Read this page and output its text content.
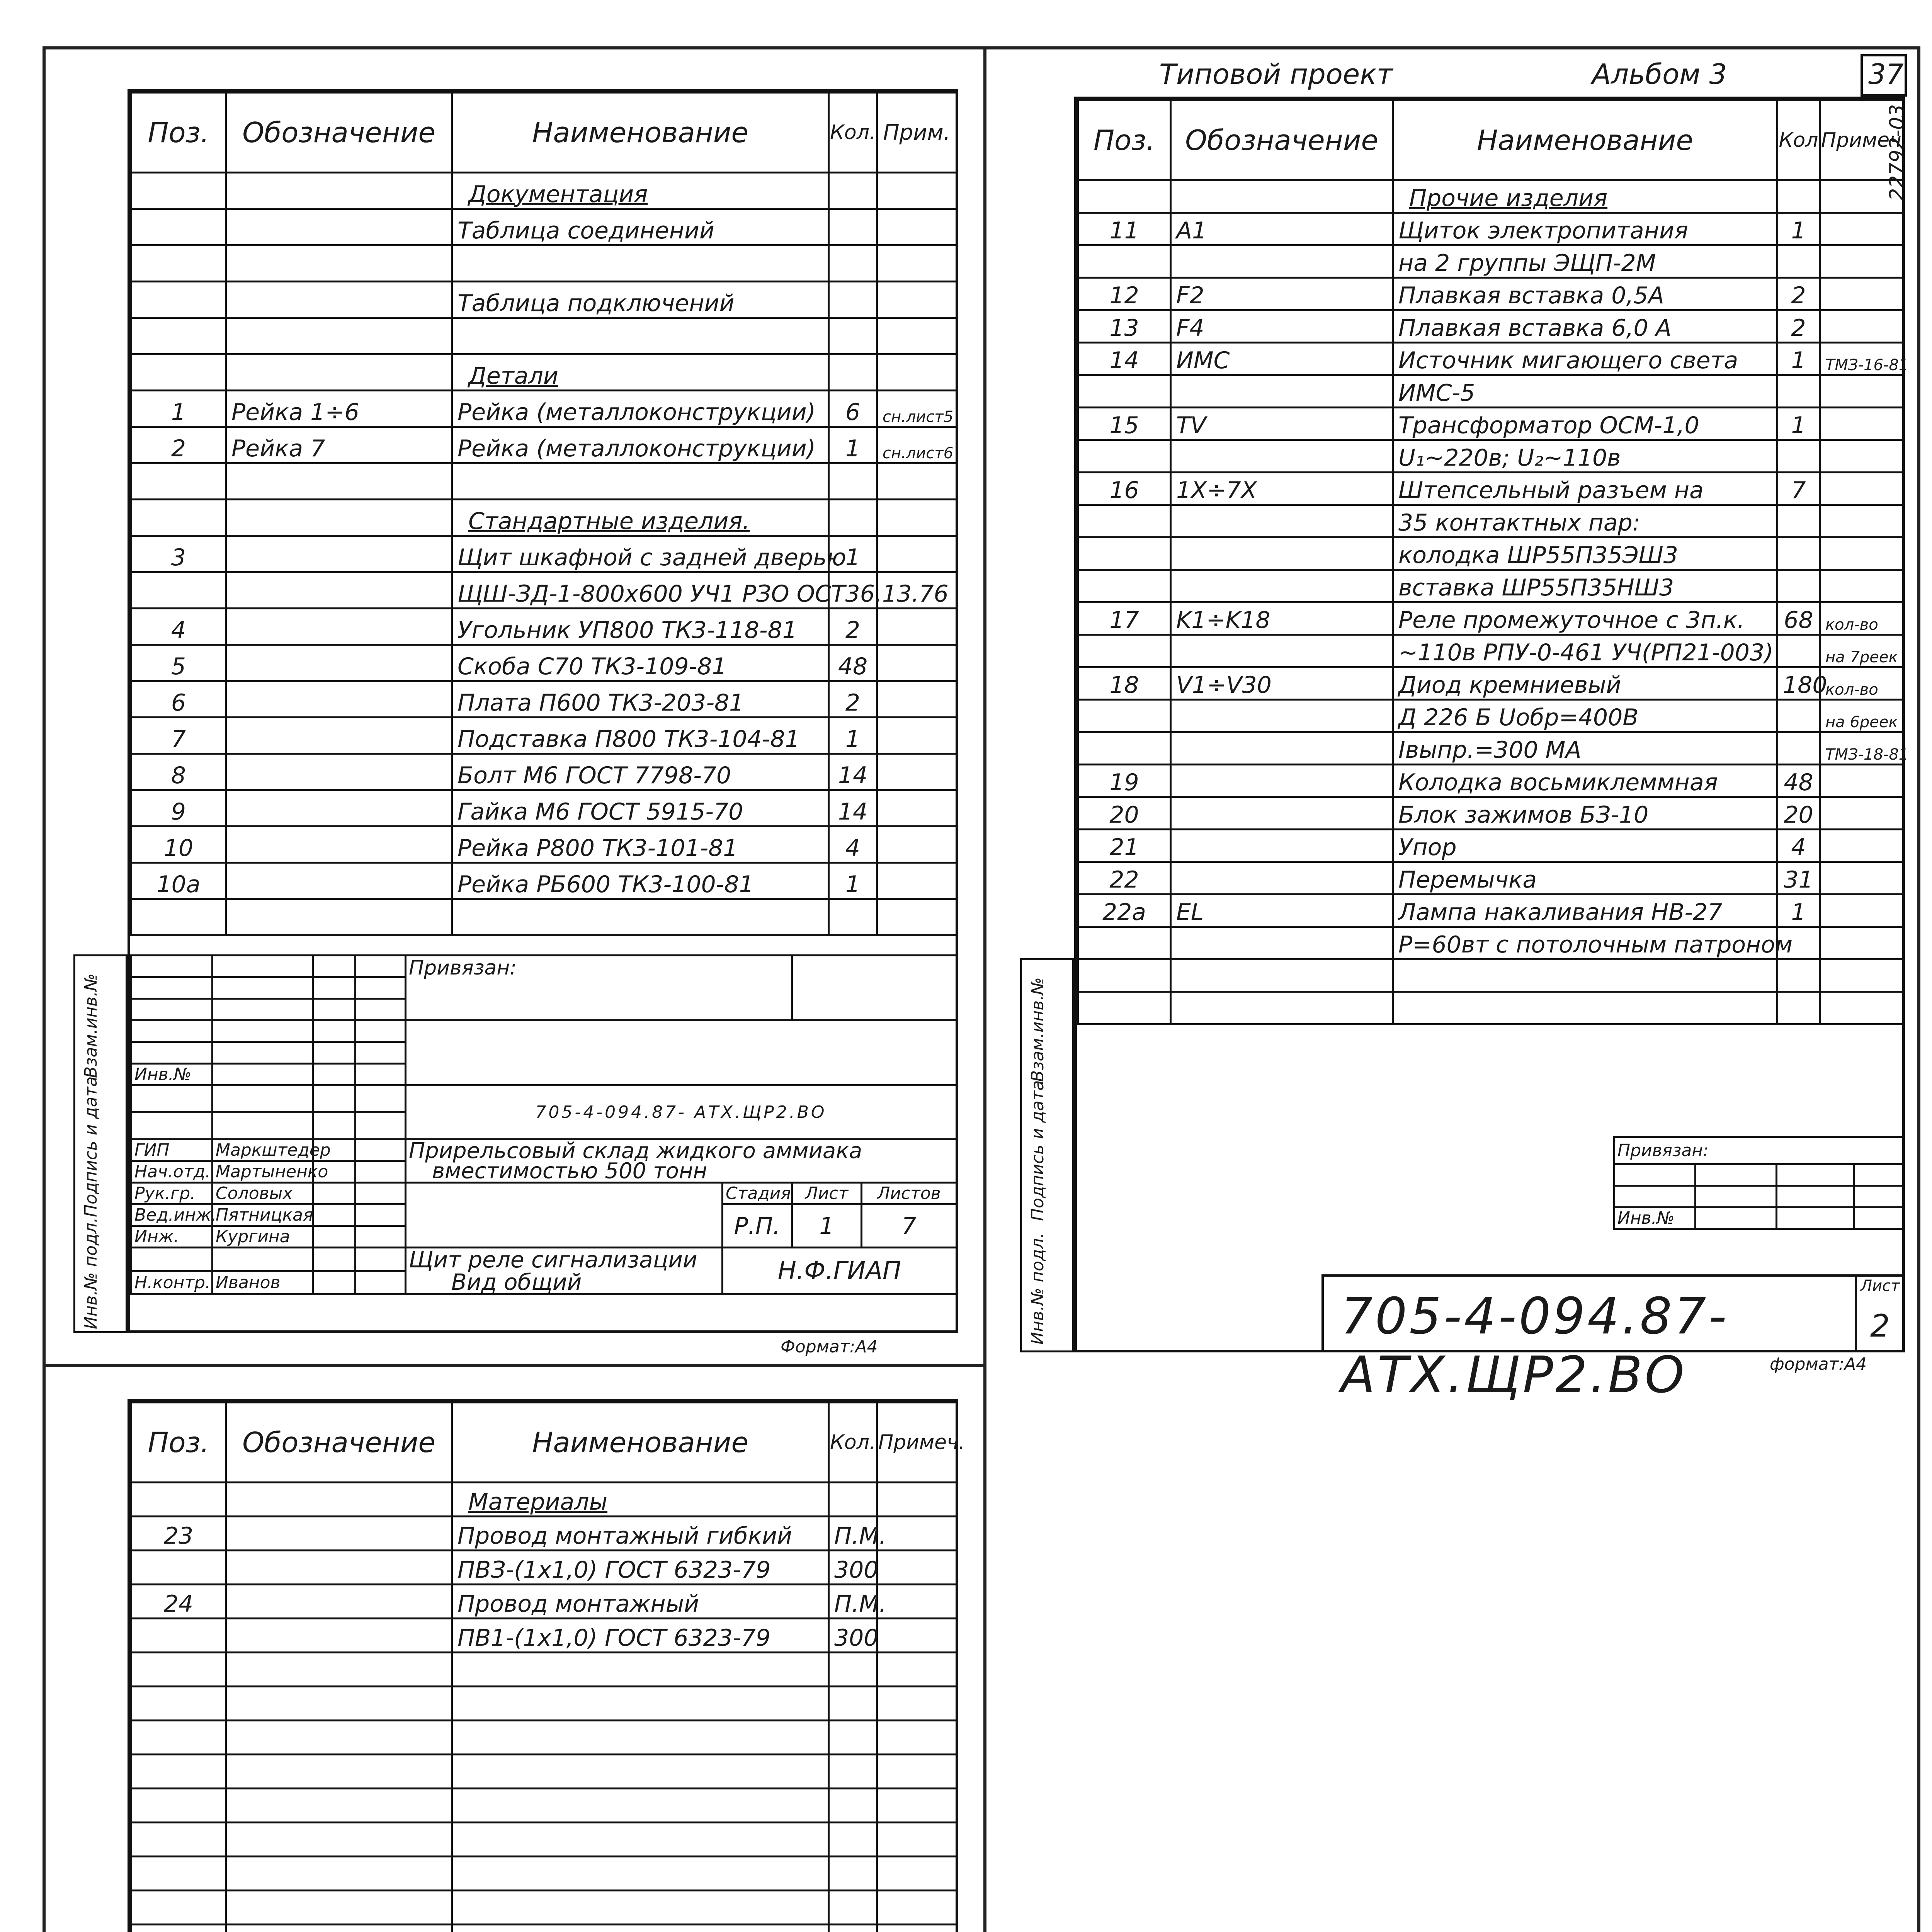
Типовой проект	Альбом 3	37
22792-03
Поз.	Обозначение	Наименование	Кол.	Прим.
		Документация		
		Таблица соединений		

		Таблица подключений		

		Детали		
1	Рейка 1÷6	Рейка (металлоконструкции)	6	сн.лист5
2	Рейка 7	Рейка (металлоконструкции)	1	сн.лист6

		Стандартные изделия.		
3		Щит шкафной с задней дверью	1	
		ЩШ-ЗД-1-800х600 УЧ1 РЗО ОСТ36.13.76		
4		Угольник УП800 ТК3-118-81	2	
5		Скоба С70 ТК3-109-81	48	
6		Плата П600 ТК3-203-81	2	
7		Подставка П800 ТК3-104-81	1	
8		Болт М6 ГОСТ 7798-70	14	
9		Гайка М6 ГОСТ 5915-70	14	
10		Рейка Р800 ТК3-101-81	4	
10а		Рейка РБ600 ТК3-100-81	1	

Взам.инв.№
Подпись и дата
Инв.№ подл.
				Привязан:			

Инв.№							
				705-4-094.87- АТХ.ЩР2.ВО			

ГИП	Маркштедер			Прирельсовый склад жидкого аммиака
вместимостью 500 тонн			
Нач.отд.	Мартыненко						
Рук.гр.	Соловых				Стадия	Лист	Листов
Вед.инж.	Пятницкая				Р.П.	1	7
Инж.	Кургина						
				Щит реле сигнализации
Вид общий	Н.Ф.ГИАП		
Н.контр.	Иванов						
Формат:А4
Поз.	Обозначение	Наименование	Кол	Примеч.
		Прочие изделия		
11	А1	Щиток электропитания	1	
		на 2 группы ЭЩП-2М		
12	F2	Плавкая вставка 0,5А	2	
13	F4	Плавкая вставка 6,0 А	2	
14	ИМС	Источник мигающего света	1	ТМЗ-16-81
		ИМС-5		
15	TV	Трансформатор ОСМ-1,0	1	
		U₁~220в; U₂~110в		
16	1X÷7X	Штепсельный разъем на	7	
		35 контактных пар:		
		колодка ШР55П35ЭШ3		
		вставка ШР55П35НШ3		
17	K1÷K18	Реле промежуточное с 3п.к.	68	кол-во
		~110в РПУ-0-461 УЧ(РП21-003)		на 7реек
18	V1÷V30	Диод кремниевый	180	кол-во
		Д 226 Б Uобр=400В		на 6реек
		Iвыпр.=300 МА		ТМЗ-18-81
19		Колодка восьмиклеммная	48	
20		Блок зажимов БЗ-10	20	
21		Упор	4	
22		Перемычка	31	
22а	EL	Лампа накаливания НВ-27	1	
		Р=60вт с потолочным патроном		

Взам.инв.№
Подпись и дата
Инв.№ подл.
Привязан:			

Инв.№			
705-4-094.87- АТХ.ЩР2.ВО
Лист
2
формат:А4
Поз.	Обозначение	Наименование	Кол.	Примеч.
		Материалы		
23		Провод монтажный гибкий	П.М.	
		ПВЗ-(1х1,0) ГОСТ 6323-79	300	
24		Провод монтажный	П.М.	
		ПВ1-(1х1,0) ГОСТ 6323-79	300	
